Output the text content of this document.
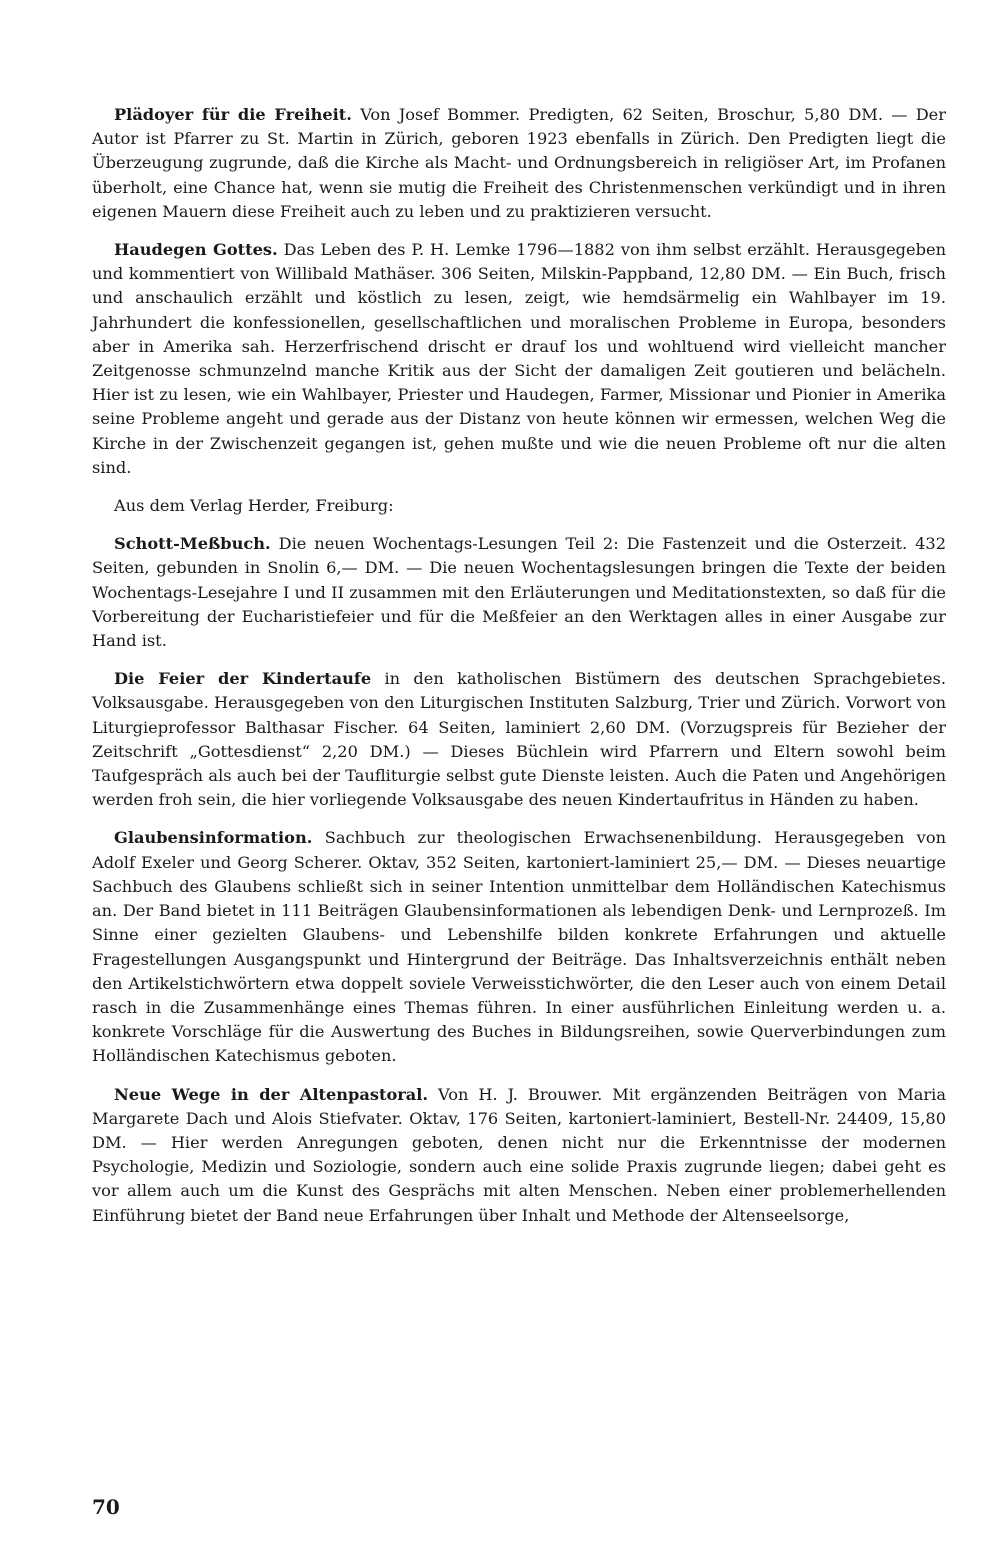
Plädoyer für die Freiheit. Von Josef Bommer. Predigten, 62 Seiten, Broschur, 5,80 DM. — Der Autor ist Pfarrer zu St. Martin in Zürich, geboren 1923 ebenfalls in Zürich. Den Predigten liegt die Überzeugung zugrunde, daß die Kirche als Macht- und Ordnungsbereich in religiöser Art, im Profanen überholt, eine Chance hat, wenn sie mutig die Freiheit des Christenmenschen verkündigt und in ihren eigenen Mauern diese Freiheit auch zu leben und zu praktizieren versucht.

Haudegen Gottes. Das Leben des P. H. Lemke 1796—1882 von ihm selbst erzählt. Herausgegeben und kommentiert von Willibald Mathäser. 306 Seiten, Milskin-Pappband, 12,80 DM. — Ein Buch, frisch und anschaulich erzählt und köstlich zu lesen, zeigt, wie hemdsärmelig ein Wahlbayer im 19. Jahrhundert die konfessionellen, gesellschaftlichen und moralischen Probleme in Europa, besonders aber in Amerika sah. Herzerfrischend drischt er drauf los und wohltuend wird vielleicht mancher Zeitgenosse schmunzelnd manche Kritik aus der Sicht der damaligen Zeit goutieren und belächeln. Hier ist zu lesen, wie ein Wahlbayer, Priester und Haudegen, Farmer, Missionar und Pionier in Amerika seine Probleme angeht und gerade aus der Distanz von heute können wir ermessen, welchen Weg die Kirche in der Zwischenzeit gegangen ist, gehen mußte und wie die neuen Probleme oft nur die alten sind.

Aus dem Verlag Herder, Freiburg:

Schott-Meßbuch. Die neuen Wochentags-Lesungen Teil 2: Die Fastenzeit und die Osterzeit. 432 Seiten, gebunden in Snolin 6,— DM. — Die neuen Wochentagslesungen bringen die Texte der beiden Wochentags-Lesejahre I und II zusammen mit den Erläuterungen und Meditationstexten, so daß für die Vorbereitung der Eucharistiefeier und für die Meßfeier an den Werktagen alles in einer Ausgabe zur Hand ist.

Die Feier der Kindertaufe in den katholischen Bistümern des deutschen Sprachgebietes. Volksausgabe. Herausgegeben von den Liturgischen Instituten Salzburg, Trier und Zürich. Vorwort von Liturgieprofessor Balthasar Fischer. 64 Seiten, laminiert 2,60 DM. (Vorzugspreis für Bezieher der Zeitschrift „Gottesdienst“ 2,20 DM.) — Dieses Büchlein wird Pfarrern und Eltern sowohl beim Taufgespräch als auch bei der Taufliturgie selbst gute Dienste leisten. Auch die Paten und Angehörigen werden froh sein, die hier vorliegende Volksausgabe des neuen Kindertaufritus in Händen zu haben.

Glaubensinformation. Sachbuch zur theologischen Erwachsenenbildung. Herausgegeben von Adolf Exeler und Georg Scherer. Oktav, 352 Seiten, kartoniert-laminiert 25,— DM. — Dieses neuartige Sachbuch des Glaubens schließt sich in seiner Intention unmittelbar dem Holländischen Katechismus an. Der Band bietet in 111 Beiträgen Glaubensinformationen als lebendigen Denk- und Lernprozeß. Im Sinne einer gezielten Glaubens- und Lebenshilfe bilden konkrete Erfahrungen und aktuelle Fragestellungen Ausgangspunkt und Hintergrund der Beiträge. Das Inhaltsverzeichnis enthält neben den Artikelstichwörtern etwa doppelt soviele Verweisstichwörter, die den Leser auch von einem Detail rasch in die Zusammenhänge eines Themas führen. In einer ausführlichen Einleitung werden u. a. konkrete Vorschläge für die Auswertung des Buches in Bildungsreihen, sowie Querverbindungen zum Holländischen Katechismus geboten.

Neue Wege in der Altenpastoral. Von H. J. Brouwer. Mit ergänzenden Beiträgen von Maria Margarete Dach und Alois Stiefvater. Oktav, 176 Seiten, kartoniert-laminiert, Bestell-Nr. 24409, 15,80 DM. — Hier werden Anregungen geboten, denen nicht nur die Erkenntnisse der modernen Psychologie, Medizin und Soziologie, sondern auch eine solide Praxis zugrunde liegen; dabei geht es vor allem auch um die Kunst des Gesprächs mit alten Menschen. Neben einer problemerhellenden Einführung bietet der Band neue Erfahrungen über Inhalt und Methode der Altenseelsorge,

70
